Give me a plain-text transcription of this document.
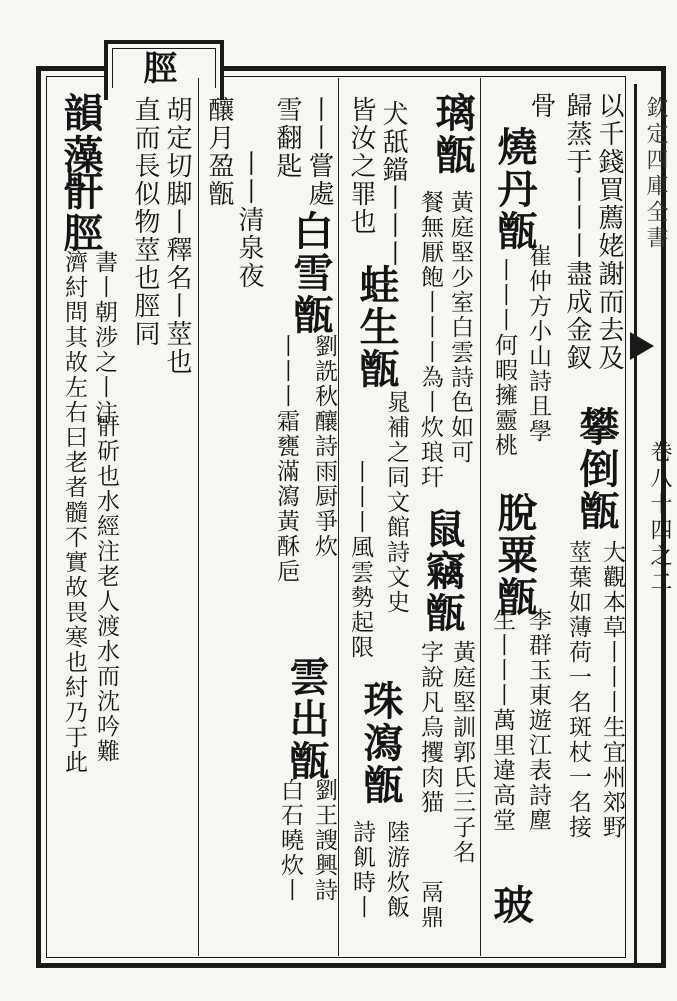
脛
欽定四庫全書
卷八十四之二
以千錢買薦姥謝而去及
歸蒸于丨丨丨盡成金釵
攀倒甑
大觀本草丨丨丨生宜州郊野
莖葉如薄荷一名斑杖一名接
骨
燒丹甑
崔仲方小山詩且學
丨丨丨何暇擁靈桃
脫粟甑
李群玉東遊江表詩塵
生丨丨丨萬里違高堂
玻
璃甑
黃庭堅少室白雲詩色如可
餐無厭飽丨丨丨為丨炊琅玕
鼠竊甑
字說凡烏攫肉猫 黃庭堅訓郭氏三子名
鬲鼎
犬舐鐺丨丨丨
蛙生甑
晁補之同文館詩文史
皆汝之罪也
丨丨丨風雲勢起限
珠瀉甑
陸游炊飯
詩飢時丨
丨丨嘗處
白雪甑
劉詵秋釀詩雨厨爭炊
雪翻匙
丨丨丨霜甕滿瀉黃酥巵
雲出甑
劉王謏興詩
白石曉炊丨
釀月盈甑 丨丨清泉夜
胡定切脚丨釋名丨莖也
直而長似物莖也脛同
韻藻
骭脛
書丨朝涉之丨注
濟紂問其故左右曰老者髓不實故畏寒也紂乃于此 骭斫也水經注老人渡水而沈吟難
